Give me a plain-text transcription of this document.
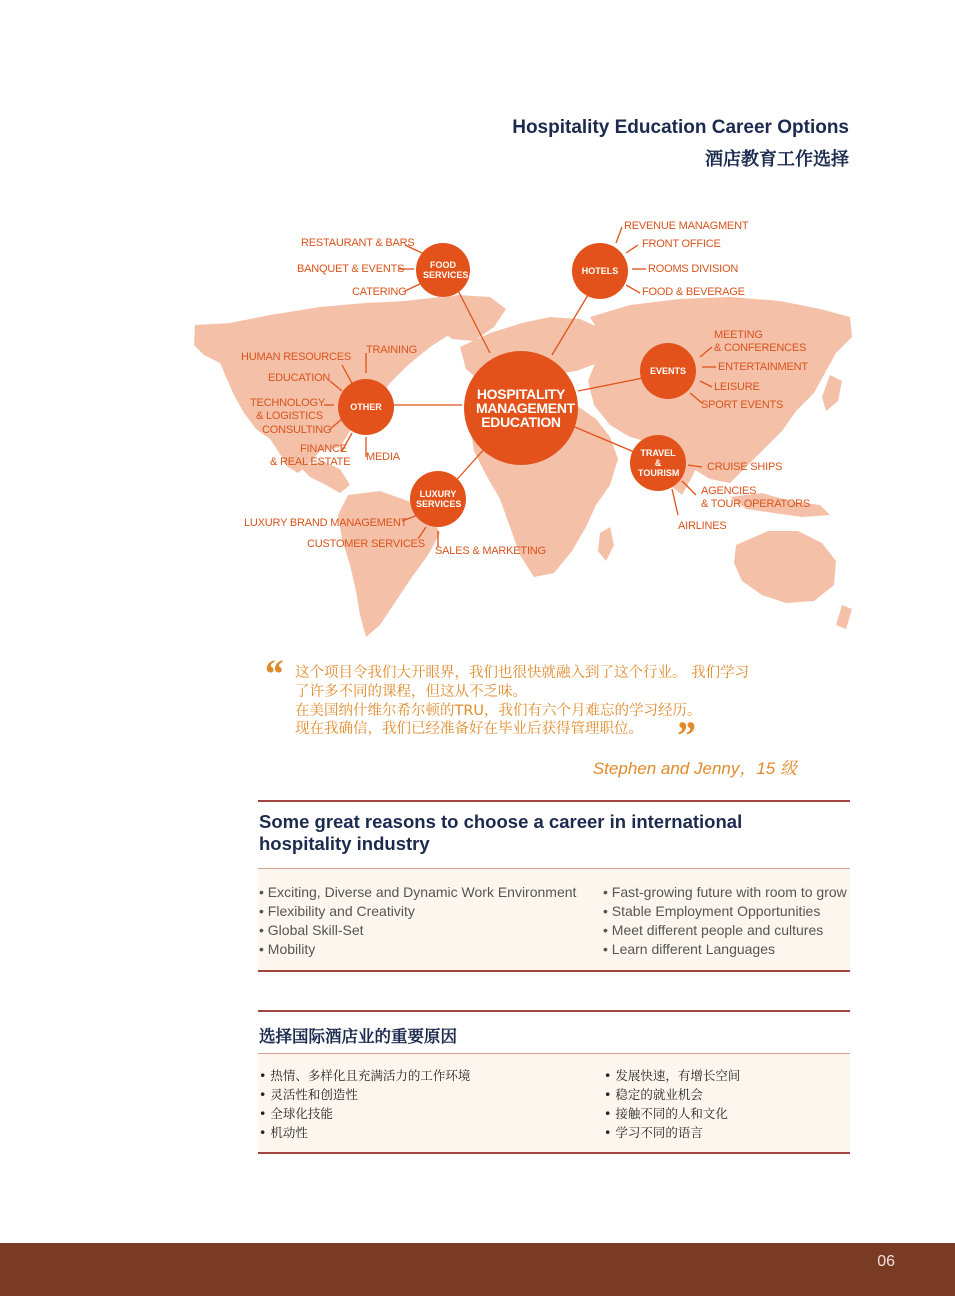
Hospitality Education Career Options
酒店教育工作选择
HOSPITALITY MANAGEMENT EDUCATION
FOOD SERVICES	HOTELS
EVENTS
TRAVEL & TOURISM
OTHER
LUXURY SERVICES
RESTAURANT & BARS
BANQUET & EVENTS
CATERING
REVENUE MANAGMENT
FRONT OFFICE
ROOMS DIVISION
FOOD & BEVERAGE
MEETING
& CONFERENCES
ENTERTAINMENT
LEISURE
SPORT EVENTS
CRUISE SHIPS
AGENCIES
& TOUR OPERATORS
AIRLINES
HUMAN RESOURCES
TRAINING
EDUCATION
TECHNOLOGY
& LOGISTICS
CONSULTING
FINANCE
& REAL ESTATE MEDIA
LUXURY BRAND MANAGEMENT
CUSTOMER SERVICES
SALES & MARKETING
“ 这个项目令我们大开眼界，我们也很快就融入到了这个行业。 我们学习
了许多不同的课程，但这从不乏味。
在美国纳什维尔希尔顿的TRU，我们有六个月难忘的学习经历。
现在我确信，我们已经准备好在毕业后获得管理职位。 ”
Stephen and Jenny，15 级
Some great reasons to choose a career in international
hospitality industry
• Exciting, Diverse and Dynamic Work Environment
• Flexibility and Creativity
• Global Skill-Set
• Mobility
• Fast-growing future with room to grow
• Stable Employment Opportunities
• Meet different people and cultures
• Learn different Languages
选择国际酒店业的重要原因
• 热情、多样化且充满活力的工作环境
• 灵活性和创造性
• 全球化技能
• 机动性
• 发展快速，有增长空间
• 稳定的就业机会
• 接触不同的人和文化
• 学习不同的语言
06
